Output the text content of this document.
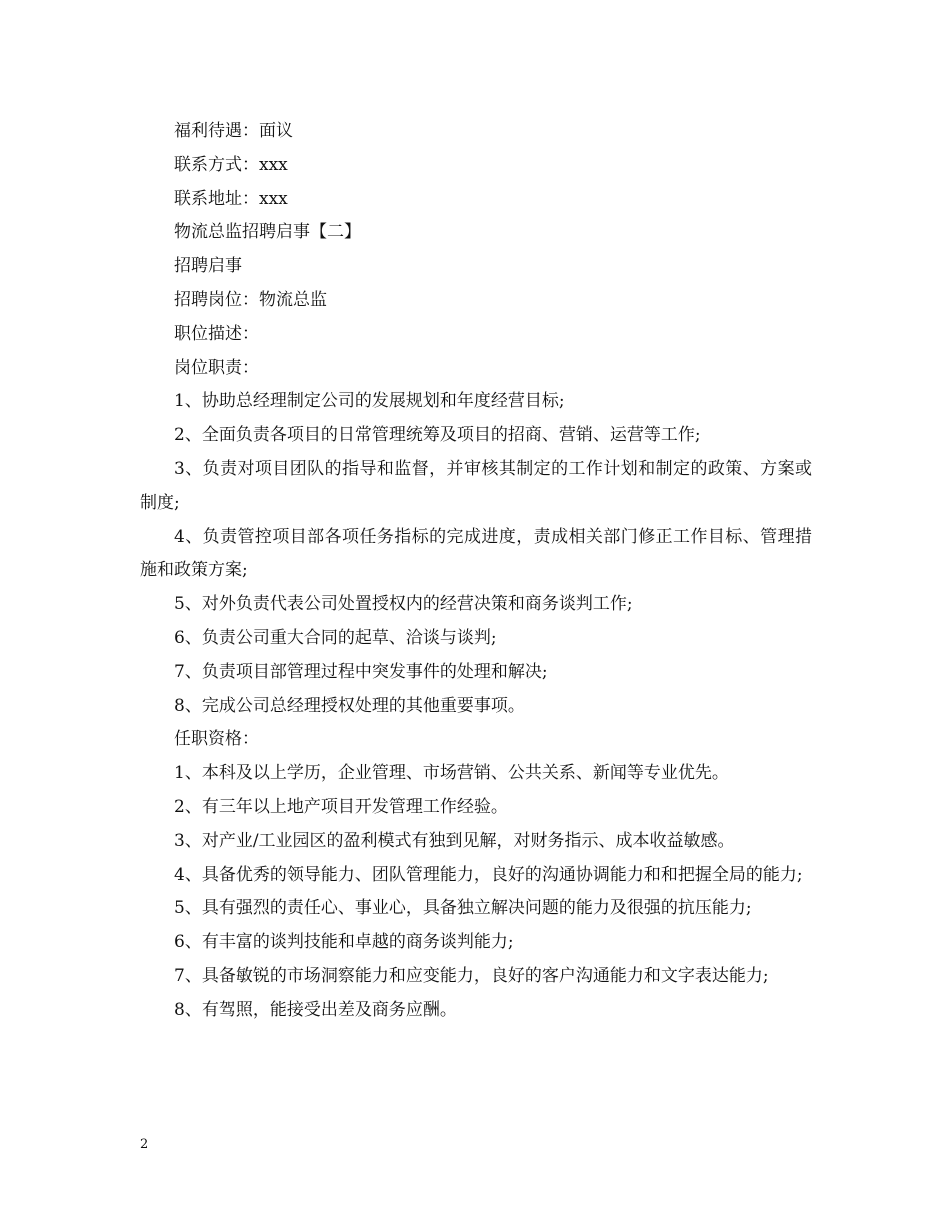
福利待遇：面议

联系方式：xxx

联系地址：xxx

物流总监招聘启事【二】

招聘启事

招聘岗位：物流总监

职位描述：

岗位职责：

1、协助总经理制定公司的发展规划和年度经营目标;

2、全面负责各项目的日常管理统筹及项目的招商、营销、运营等工作;

3、负责对项目团队的指导和监督，并审核其制定的工作计划和制定的政策、方案或制度;

4、负责管控项目部各项任务指标的完成进度，责成相关部门修正工作目标、管理措施和政策方案;

5、对外负责代表公司处置授权内的经营决策和商务谈判工作;

6、负责公司重大合同的起草、洽谈与谈判;

7、负责项目部管理过程中突发事件的处理和解决;

8、完成公司总经理授权处理的其他重要事项。

任职资格：

1、本科及以上学历，企业管理、市场营销、公共关系、新闻等专业优先。

2、有三年以上地产项目开发管理工作经验。

3、对产业/工业园区的盈利模式有独到见解，对财务指示、成本收益敏感。

4、具备优秀的领导能力、团队管理能力，良好的沟通协调能力和和把握全局的能力;

5、具有强烈的责任心、事业心，具备独立解决问题的能力及很强的抗压能力;

6、有丰富的谈判技能和卓越的商务谈判能力;

7、具备敏锐的市场洞察能力和应变能力，良好的客户沟通能力和文字表达能力;

8、有驾照，能接受出差及商务应酬。

2
